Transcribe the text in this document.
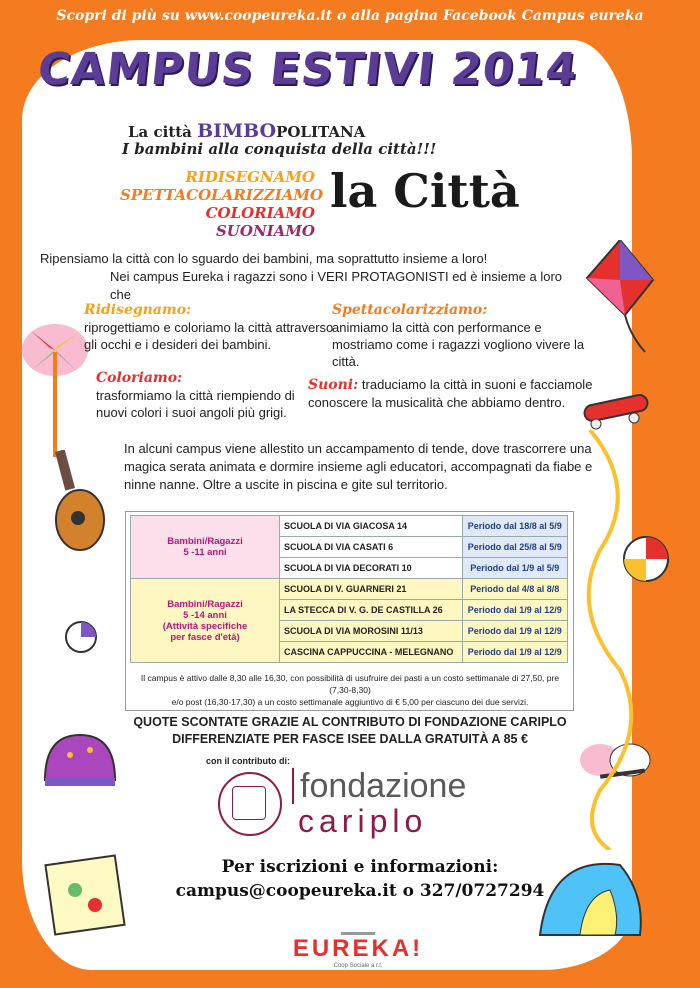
Scopri di più su www.coopeureka.it o alla pagina Facebook Campus eureka
CAMPUS ESTIVI 2014
La città BIMBOPOLITANA
I bambini alla conquista della città!!!
RIDISEGNAMO
SPETTACOLARIZZIAMO
COLORIAMO
SUONIAMO
la Città

Ripensiamo la città con lo sguardo dei bambini, ma soprattutto insieme a loro!

Nei campus Eureka i ragazzi sono i VERI PROTAGONISTI ed è insieme a loro che

Ridisegnamo:

riprogettiamo e coloriamo la città attraverso gli occhi e i desideri dei bambini.

Spettacolarizziamo:

animiamo la città con performance e mostriamo come i ragazzi vogliono vivere la città.

Coloriamo:

trasformiamo la città riempiendo di nuovi colori i suoi angoli più grigi.

Suoni: traduciamo la città in suoni e facciamole conoscere la musicalità che abbiamo dentro.

In alcuni campus viene allestito un accampamento di tende, dove trascorrere una magica serata animata e dormire insieme agli educatori, accompagnati da fiabe e ninne nanne. Oltre a uscite in piscina e gite sul territorio.
Bambini/Ragazzi
5 -11 anni	SCUOLA DI VIA GIACOSA 14	Periodo dal 18/8 al 5/9
	SCUOLA DI VIA CASATI 6	Periodo dal 25/8 al 5/9
	SCUOLA DI VIA DECORATI 10	Periodo dal 1/9 al 5/9

Bambini/Ragazzi
5 -14 anni
(Attività specifiche
per fasce d'età)	SCUOLA DI V. GUARNERI 21	Periodo dal 4/8 al 8/8
	LA STECCA DI V. G. DE CASTILLA 26	Periodo dal 1/9 al 12/9
	SCUOLA DI VIA MOROSINI 11/13	Periodo dal 1/9 al 12/9
	CASCINA CAPPUCCINA - MELEGNANO	Periodo dal 1/9 al 12/9
Il campus è attivo dalle 8,30 alle 16,30, con possibilità di usufruire dei pasti a un costo settimanale di 27,50, pre (7,30-8,30)
e/o post (16,30-17,30) a un costo settimanale aggiuntivo di € 5,00 per ciascuno dei due servizi.
QUOTE SCONTATE GRAZIE AL CONTRIBUTO DI FONDAZIONE CARIPLO
DIFFERENZIATE PER FASCE ISEE DALLA GRATUITÀ A 85 €
con il contributo di:
fondazione
cariplo
Per iscrizioni e informazioni:
campus@coopeureka.it o 327/0727294
EUREKA!
Coop Sociale a r.l.
